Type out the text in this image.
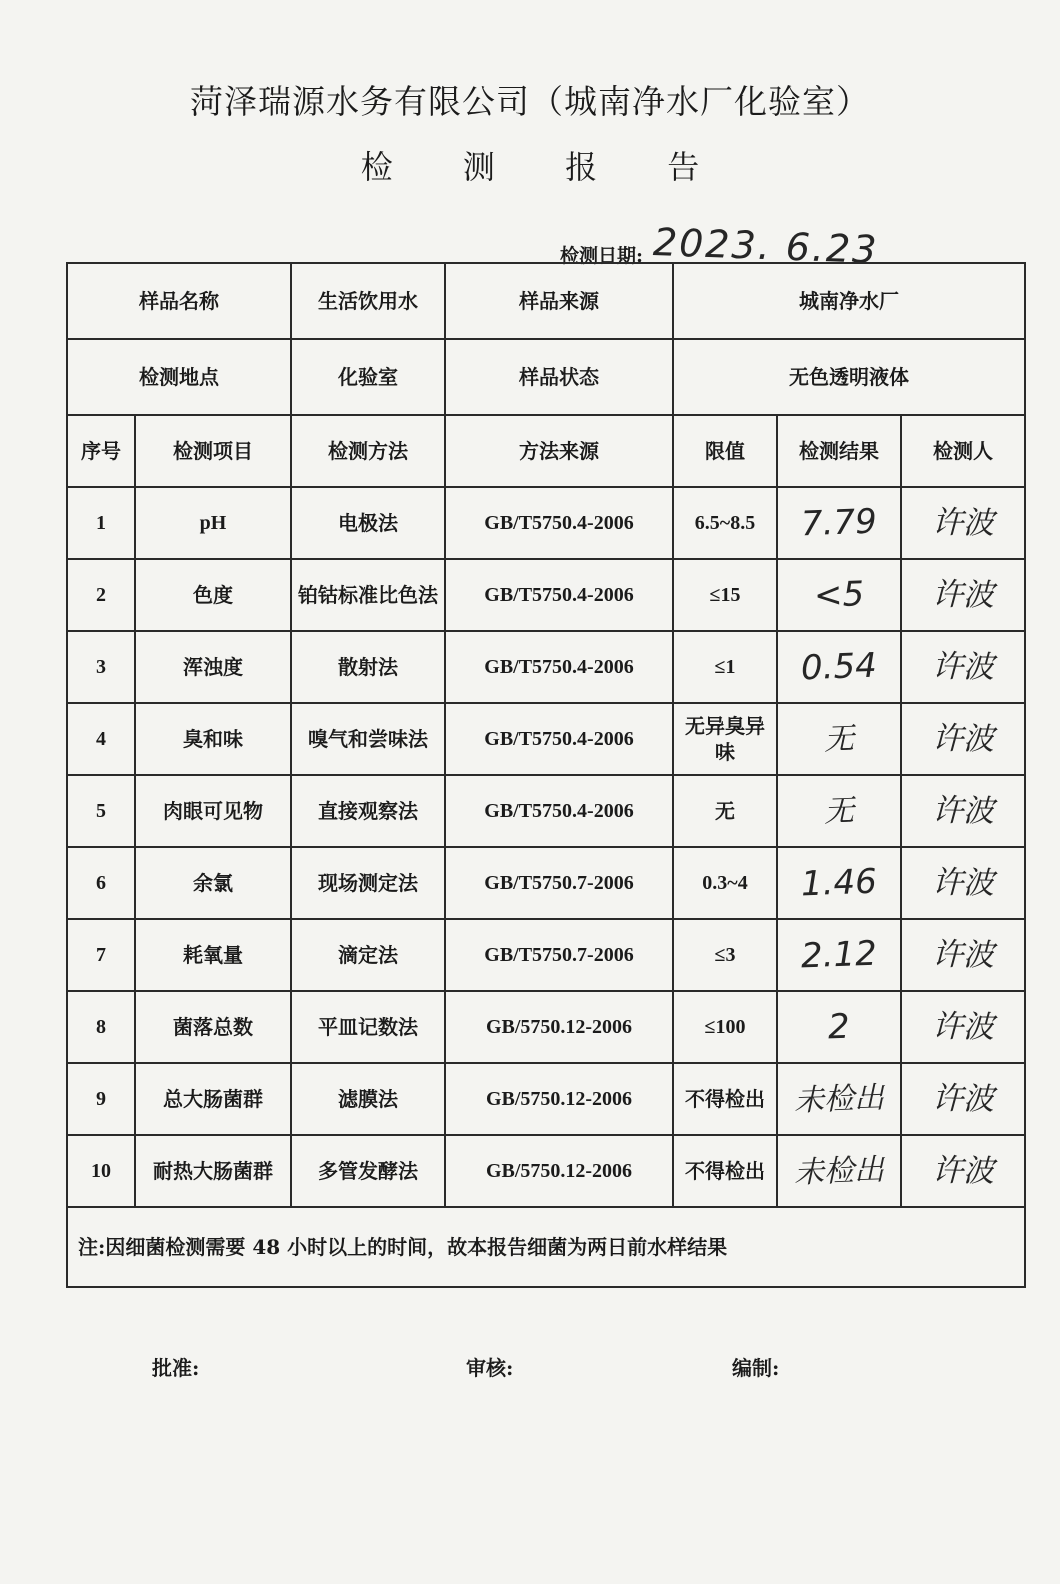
菏泽瑞源水务有限公司（城南净水厂化验室）
检 测 报 告
检测日期: 2023. 6.23
样品名称		生活饮用水	样品来源	城南净水厂		
检测地点		化验室	样品状态	无色透明液体		
序号	检测项目	检测方法	方法来源	限值	检测结果	检测人
1	pH	电极法	GB/T5750.4-2006	6.5~8.5	7.79	许波
2	色度	铂钴标准比色法	GB/T5750.4-2006	≤15	<5	许波
3	浑浊度	散射法	GB/T5750.4-2006	≤1	0.54	许波
4	臭和味	嗅气和尝味法	GB/T5750.4-2006	无异臭异味	无	许波
5	肉眼可见物	直接观察法	GB/T5750.4-2006	无	无	许波
6	余氯	现场测定法	GB/T5750.7-2006	0.3~4	1.46	许波
7	耗氧量	滴定法	GB/T5750.7-2006	≤3	2.12	许波
8	菌落总数	平皿记数法	GB/5750.12-2006	≤100	2	许波
9	总大肠菌群	滤膜法	GB/5750.12-2006	不得检出	未检出	许波
10	耐热大肠菌群	多管发酵法	GB/5750.12-2006	不得检出	未检出	许波
注:因细菌检测需要 48 小时以上的时间，故本报告细菌为两日前水样结果						
批准:	审核:	编制:
